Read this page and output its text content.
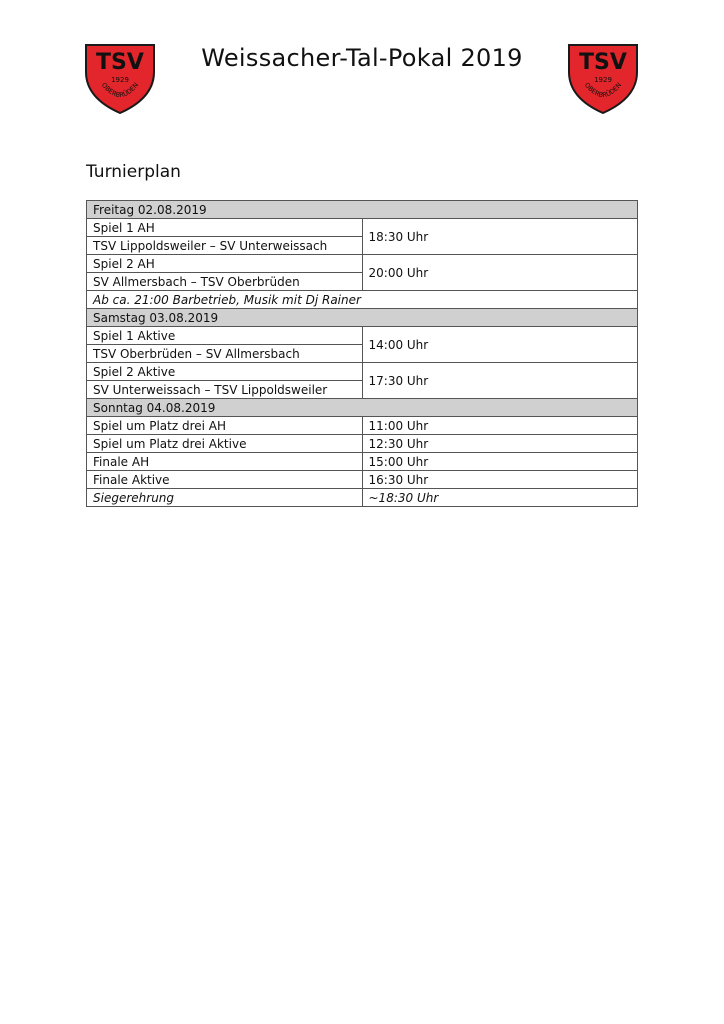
TSV
1929
OBERBRÜDEN
Weissacher-Tal-Pokal 2019	TSV
1929
OBERBRÜDEN
Turnierplan
Freitag 02.08.2019	
Spiel 1 AH	18:30 Uhr
TSV Lippoldsweiler – SV Unterweissach	
Spiel 2 AH	20:00 Uhr
SV Allmersbach – TSV Oberbrüden	
Ab ca. 21:00 Barbetrieb, Musik mit Dj Rainer	
Samstag 03.08.2019	
Spiel 1 Aktive	14:00 Uhr
TSV Oberbrüden – SV Allmersbach	
Spiel 2 Aktive	17:30 Uhr
SV Unterweissach – TSV Lippoldsweiler	
Sonntag 04.08.2019	
Spiel um Platz drei AH	11:00 Uhr
Spiel um Platz drei Aktive	12:30 Uhr
Finale AH	15:00 Uhr
Finale Aktive	16:30 Uhr
Siegerehrung	~18:30 Uhr
